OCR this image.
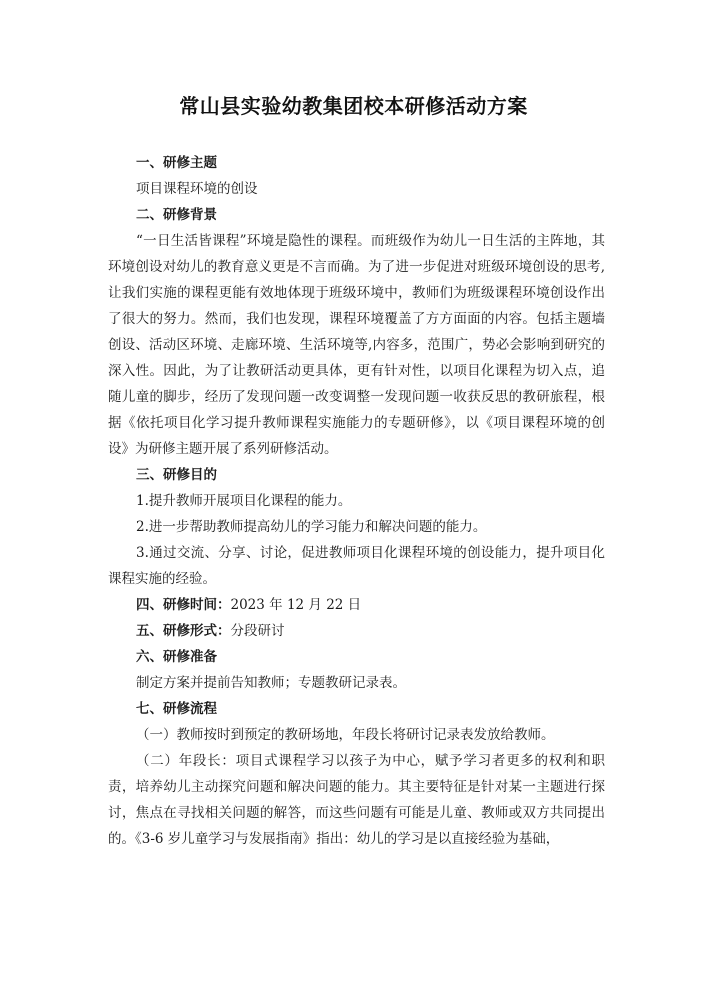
常山县实验幼教集团校本研修活动方案

一、研修主题

项目课程环境的创设

二、研修背景

“一日生活皆课程”环境是隐性的课程。而班级作为幼儿一日生活的主阵地，其环境创设对幼儿的教育意义更是不言而确。为了进一步促进对班级环境创设的思考,让我们实施的课程更能有效地体现于班级环境中，教师们为班级课程环境创设作出了很大的努力。然而，我们也发现，课程环境覆盖了方方面面的内容。包括主题墙创设、活动区环境、走廊环境、生活环境等,内容多，范围广，势必会影响到研究的深入性。因此，为了让教研活动更具体，更有针对性，以项目化课程为切入点，追随儿童的脚步，经历了发现问题一改变调整一发现问题一收获反思的教研旅程，根据《依托项目化学习提升教师课程实施能力的专题研修》，以《项目课程环境的创设》为研修主题开展了系列研修活动。

三、研修目的

1.提升教师开展项目化课程的能力。

2.进一步帮助教师提高幼儿的学习能力和解决问题的能力。

3.通过交流、分享、讨论，促进教师项目化课程环境的创设能力，提升项目化课程实施的经验。

四、研修时间：2023 年 12 月 22 日

五、研修形式：分段研讨

六、研修准备

制定方案并提前告知教师；专题教研记录表。

七、研修流程

（一）教师按时到预定的教研场地，年段长将研讨记录表发放给教师。

（二）年段长：项目式课程学习以孩子为中心，赋予学习者更多的权利和职责，培养幼儿主动探究问题和解决问题的能力。其主要特征是针对某一主题进行探讨，焦点在寻找相关问题的解答，而这些问题有可能是儿童、教师或双方共同提出的。《3-6 岁儿童学习与发展指南》指出：幼儿的学习是以直接经验为基础，
